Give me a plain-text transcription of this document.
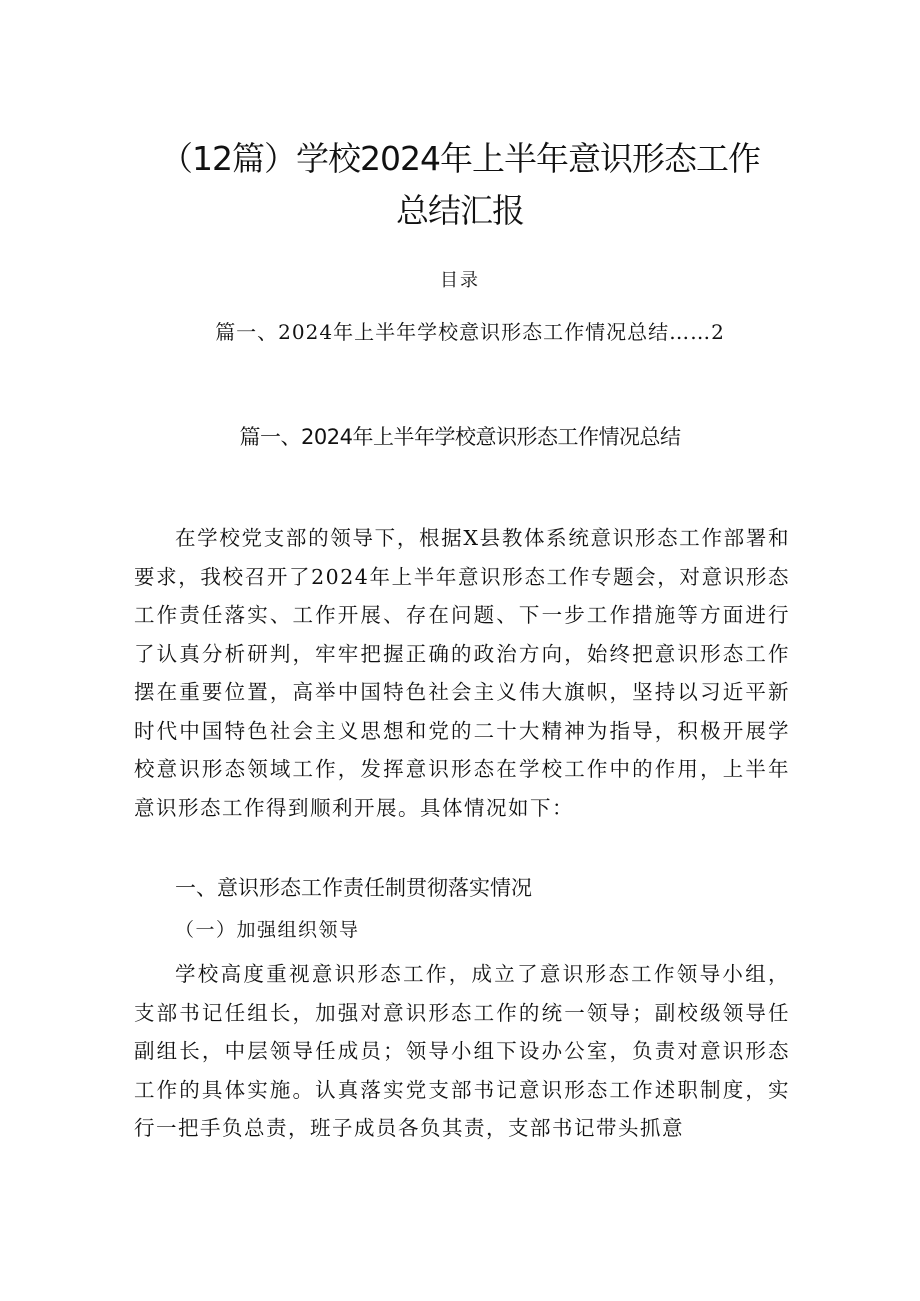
（12篇）学校2024年上半年意识形态工作
总结汇报
目录
篇一、2024年上半年学校意识形态工作情况总结……2
篇一、2024年上半年学校意识形态工作情况总结

在学校党支部的领导下，根据X县教体系统意识形态工作部署和要求，我校召开了2024年上半年意识形态工作专题会，对意识形态工作责任落实、工作开展、存在问题、下一步工作措施等方面进行了认真分析研判，牢牢把握正确的政治方向，始终把意识形态工作摆在重要位置，高举中国特色社会主义伟大旗帜，坚持以习近平新时代中国特色社会主义思想和党的二十大精神为指导，积极开展学校意识形态领域工作，发挥意识形态在学校工作中的作用，上半年意识形态工作得到顺利开展。具体情况如下：

一、意识形态工作责任制贯彻落实情况
（一）加强组织领导

学校高度重视意识形态工作，成立了意识形态工作领导小组，支部书记任组长，加强对意识形态工作的统一领导；副校级领导任副组长，中层领导任成员；领导小组下设办公室，负责对意识形态工作的具体实施。认真落实党支部书记意识形态工作述职制度，实行一把手负总责，班子成员各负其责，支部书记带头抓意
